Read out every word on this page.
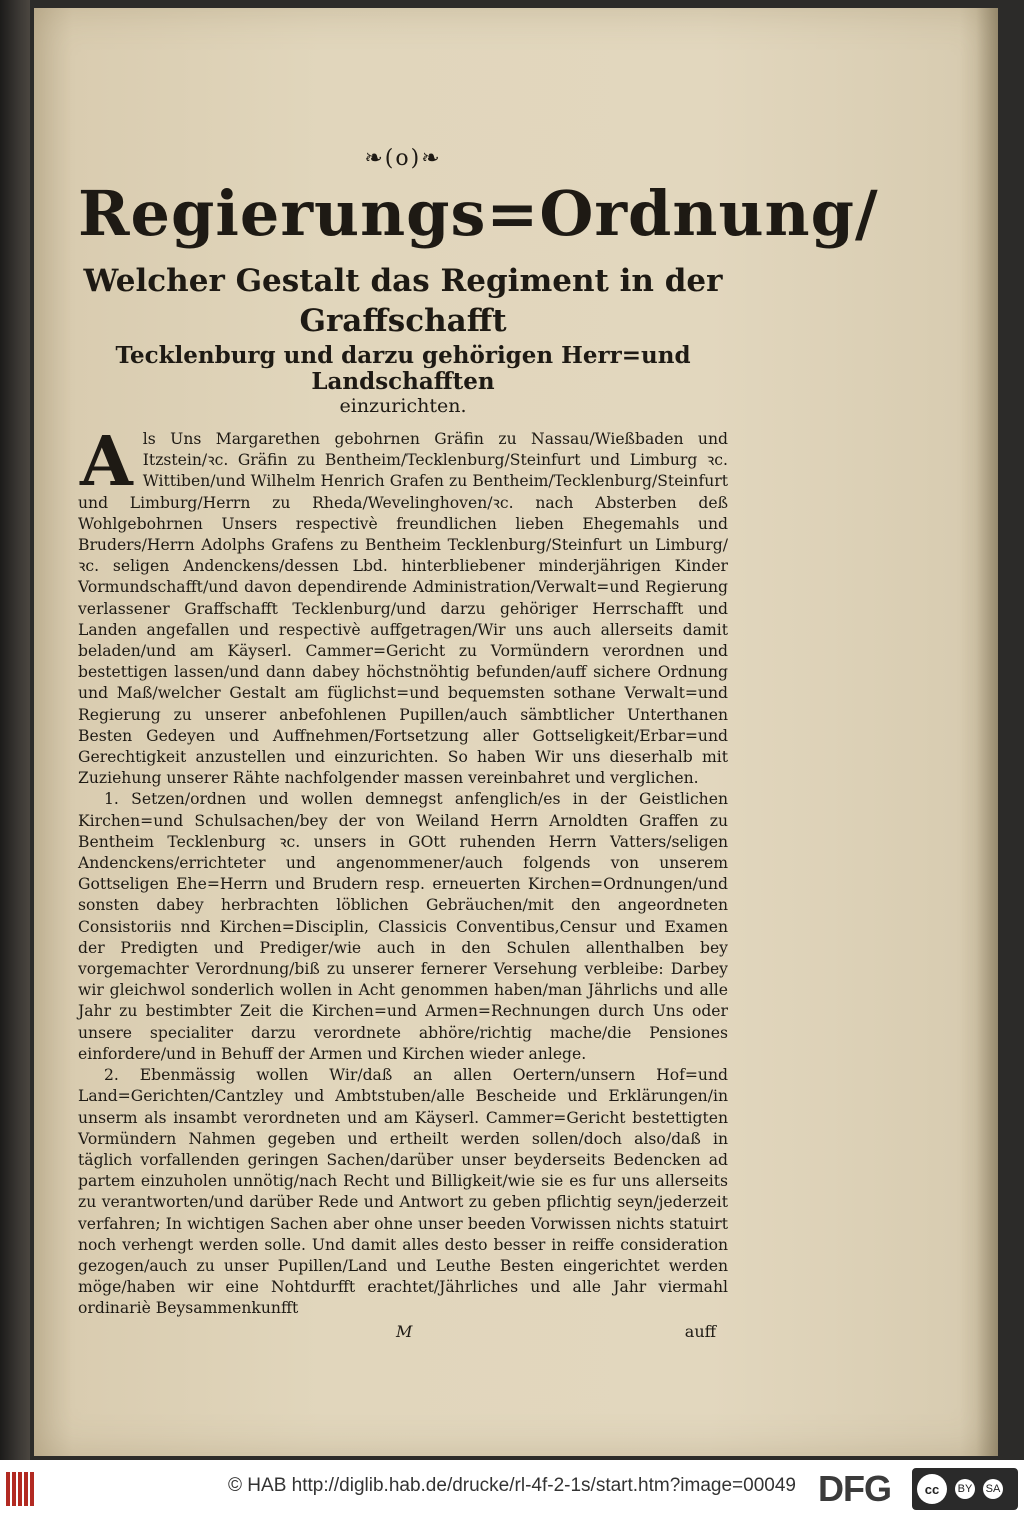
❧(o)❧
Regierungs=Ordnung/
Welcher Gestalt das Regiment in der Graffschafft
Tecklenburg und darzu gehörigen Herr=und Landschafften
einzurichten.

Als Uns Margarethen gebohrnen Gräfin zu Nassau/Wießbaden und Itzstein/ꝛc. Gräfin zu Bentheim/Tecklenburg/Steinfurt und Limburg ꝛc. Wittiben/und Wilhelm Henrich Grafen zu Bentheim/Tecklenburg/Steinfurt und Limburg/Herrn zu Rheda/Wevelinghoven/ꝛc. nach Absterben deß Wohlgebohrnen Unsers respectivè freundlichen lieben Ehegemahls und Bruders/Herrn Adolphs Grafens zu Bentheim Tecklenburg/Steinfurt un Limburg/ꝛc. seligen Andenckens/dessen Lbd. hinterbliebener minderjährigen Kinder Vormundschafft/und davon dependirende Administration/Verwalt=und Regierung verlassener Graffschafft Tecklenburg/und darzu gehöriger Herrschafft und Landen angefallen und respectivè auffgetragen/Wir uns auch allerseits damit beladen/und am Käyserl. Cammer=Gericht zu Vormündern verordnen und bestettigen lassen/und dann dabey höchstnöhtig befunden/auff sichere Ordnung und Maß/welcher Gestalt am füglichst=und bequemsten sothane Verwalt=und Regierung zu unserer anbefohlenen Pupillen/auch sämbtlicher Unterthanen Besten Gedeyen und Auffnehmen/Fortsetzung aller Gottseligkeit/Erbar=und Gerechtigkeit anzustellen und einzurichten. So haben Wir uns dieserhalb mit Zuziehung unserer Rähte nachfolgender massen vereinbahret und verglichen.

1. Setzen/ordnen und wollen demnegst anfenglich/es in der Geistlichen Kirchen=und Schulsachen/bey der von Weiland Herrn Arnoldten Graffen zu Bentheim Tecklenburg ꝛc. unsers in GOtt ruhenden Herrn Vatters/seligen Andenckens/errichteter und angenommener/auch folgends von unserem Gottseligen Ehe=Herrn und Brudern resp. erneuerten Kirchen=Ordnungen/und sonsten dabey herbrachten löblichen Gebräuchen/mit den angeordneten Consistoriis nnd Kirchen=Disciplin, Classicis Conventibus,Censur und Examen der Predigten und Prediger/wie auch in den Schulen allenthalben bey vorgemachter Verordnung/biß zu unserer fernerer Versehung verbleibe: Darbey wir gleichwol sonderlich wollen in Acht genommen haben/man Jährlichs und alle Jahr zu bestimbter Zeit die Kirchen=und Armen=Rechnungen durch Uns oder unsere specialiter darzu verordnete abhöre/richtig mache/die Pensiones einfordere/und in Behuff der Armen und Kirchen wieder anlege.

2. Ebenmässig wollen Wir/daß an allen Oertern/unsern Hof=und Land=Gerichten/Cantzley und Ambtstuben/alle Bescheide und Erklärungen/in unserm als insambt verordneten und am Käyserl. Cammer=Gericht bestettigten Vormündern Nahmen gegeben und ertheilt werden sollen/doch also/daß in täglich vorfallenden geringen Sachen/darüber unser beyderseits Bedencken ad partem einzuholen unnötig/nach Recht und Billigkeit/wie sie es fur uns allerseits zu verantworten/und darüber Rede und Antwort zu geben pflichtig seyn/jederzeit verfahren; In wichtigen Sachen aber ohne unser beeden Vorwissen nichts statuirt noch verhengt werden solle. Und damit alles desto besser in reiffe consideration gezogen/auch zu unser Pupillen/Land und Leuthe Besten eingerichtet werden möge/haben wir eine Nohtdurfft erachtet/Jährliches und alle Jahr viermahl ordinariè Beysammenkunfft

M	auff
© HAB http://diglib.hab.de/drucke/rl-4f-2-1s/start.htm?image=00049 DFG	cc	BY SA
